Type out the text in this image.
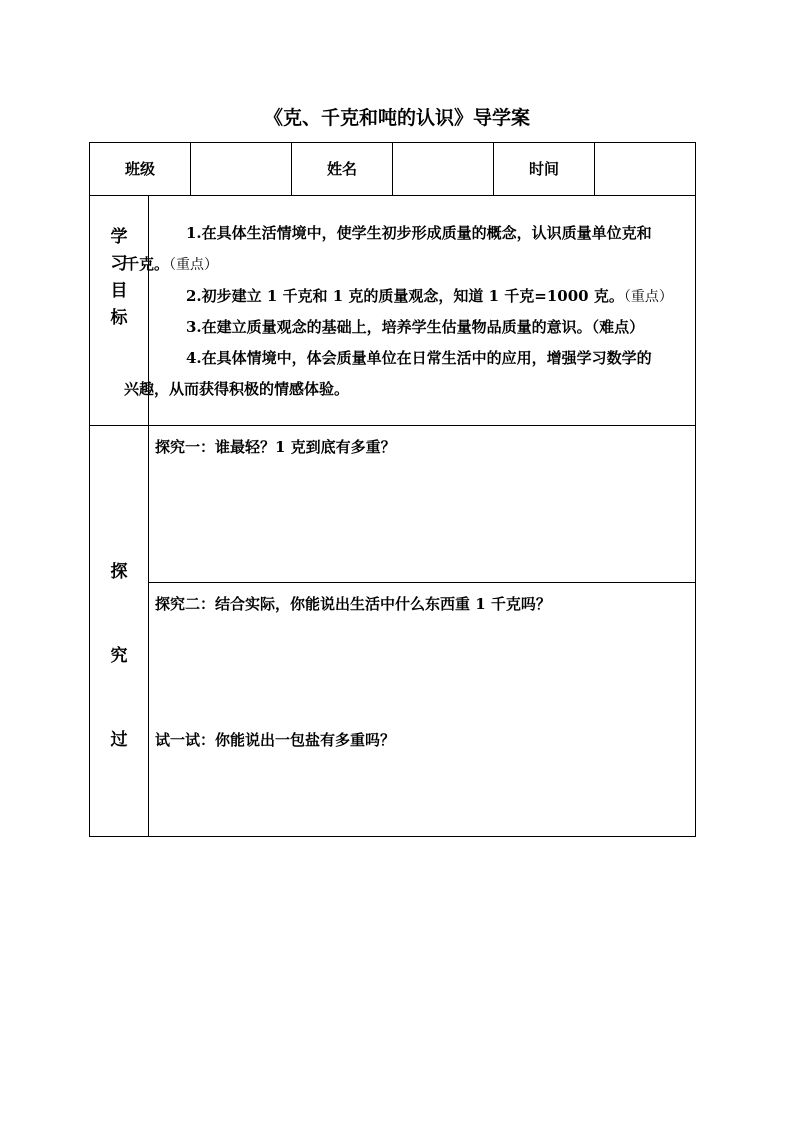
《克、千克和吨的认识》导学案
班级	姓名	时间
学
习
目
标
1.在具体生活情境中，使学生初步形成质量的概念，认识质量单位克和
千克。（重点）
2.初步建立 1 千克和 1 克的质量观念，知道 1 千克=1000 克。（重点）
3.在建立质量观念的基础上，培养学生估量物品质量的意识。（难点）
4.在具体情境中，体会质量单位在日常生活中的应用，增强学习数学的
兴趣，从而获得积极的情感体验。
探
究
过
探究一：谁最轻？1 克到底有多重？
探究二：结合实际，你能说出生活中什么东西重 1 千克吗？
试一试：你能说出一包盐有多重吗？
